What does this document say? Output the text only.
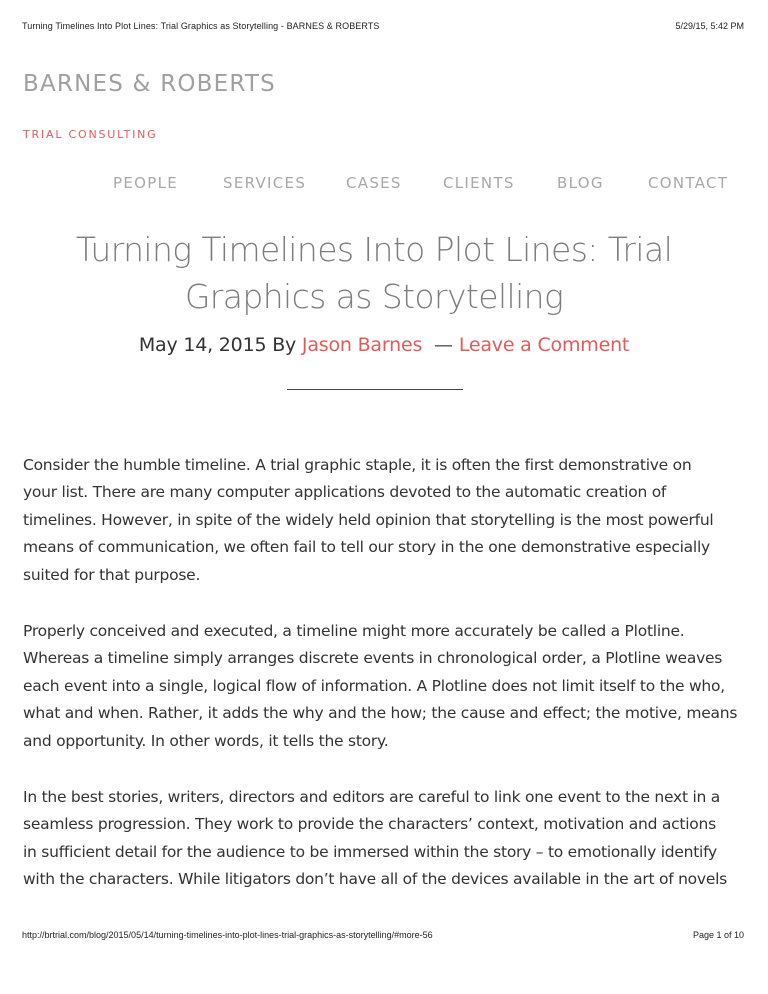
Turning Timelines Into Plot Lines: Trial Graphics as Storytelling - BARNES & ROBERTS	5/29/15, 5:42 PM
BARNES & ROBERTS
TRIAL CONSULTING
PEOPLE	SERVICES	CASES	CLIENTS	BLOG	CONTACT
Turning Timelines Into Plot Lines: Trial
Graphics as Storytelling
May 14, 2015 By Jason Barnes — Leave a Comment

Consider the humble timeline. A trial graphic staple, it is often the first demonstrative on
your list. There are many computer applications devoted to the automatic creation of
timelines. However, in spite of the widely held opinion that storytelling is the most powerful
means of communication, we often fail to tell our story in the one demonstrative especially
suited for that purpose.

Properly conceived and executed, a timeline might more accurately be called a Plotline.
Whereas a timeline simply arranges discrete events in chronological order, a Plotline weaves
each event into a single, logical flow of information. A Plotline does not limit itself to the who,
what and when. Rather, it adds the why and the how; the cause and effect; the motive, means
and opportunity. In other words, it tells the story.

In the best stories, writers, directors and editors are careful to link one event to the next in a
seamless progression. They work to provide the characters’ context, motivation and actions
in sufficient detail for the audience to be immersed within the story – to emotionally identify
with the characters. While litigators don’t have all of the devices available in the art of novels

http://brtrial.com/blog/2015/05/14/turning-timelines-into-plot-lines-trial-graphics-as-storytelling/#more-56	Page 1 of 10
